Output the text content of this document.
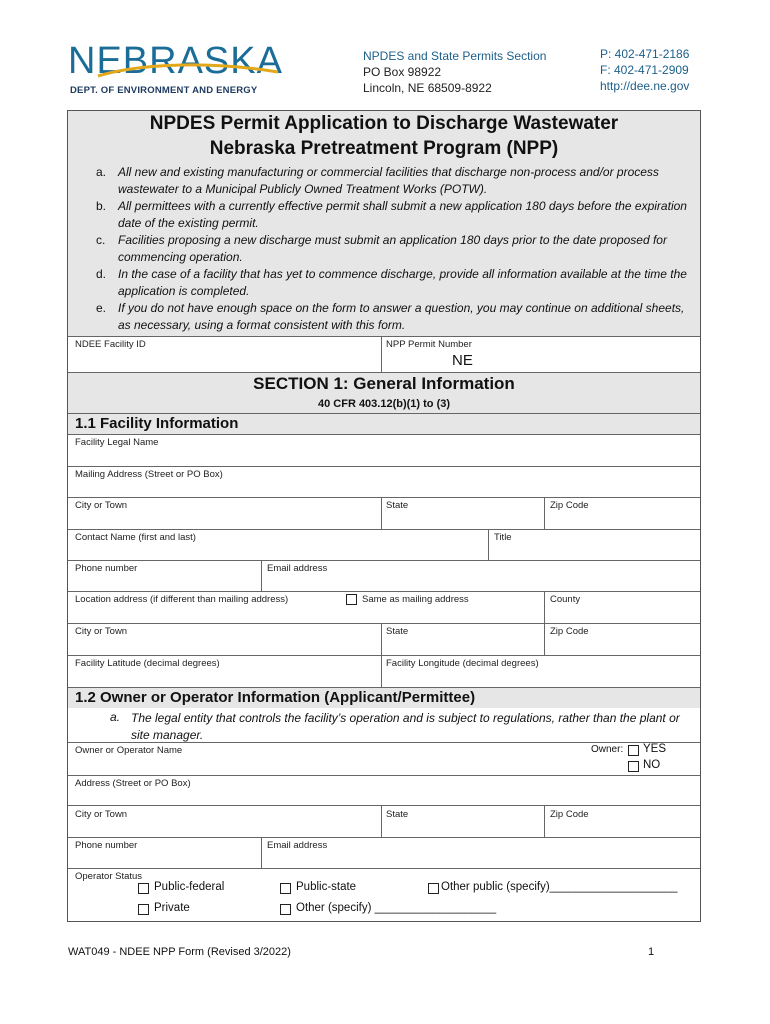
NEBRASKA
DEPT. OF ENVIRONMENT AND ENERGY
NPDES and State Permits Section
PO Box 98922
Lincoln, NE 68509-8922
P: 402-471-2186
F: 402-471-2909
http://dee.ne.gov
NPDES Permit Application to Discharge Wastewater
Nebraska Pretreatment Program (NPP)
a. All new and existing manufacturing or commercial facilities that discharge non-process and/or process wastewater to a Municipal Publicly Owned Treatment Works (POTW).
b. All permittees with a currently effective permit shall submit a new application 180 days before the expiration date of the existing permit.
c. Facilities proposing a new discharge must submit an application 180 days prior to the date proposed for commencing operation.
d. In the case of a facility that has yet to commence discharge, provide all information available at the time the application is completed.
e. If you do not have enough space on the form to answer a question, you may continue on additional sheets, as necessary, using a format consistent with this form.
NDEE Facility ID	NPP Permit Number
NE
SECTION 1: General Information
40 CFR 403.12(b)(1) to (3)
1.1 Facility Information
Facility Legal Name
Mailing Address (Street or PO Box)
City or Town	State	Zip Code
Contact Name (first and last)	Title
Phone number	Email address
Location address (if different than mailing address)	Same as mailing address	County
City or Town	State	Zip Code
Facility Latitude (decimal degrees)	Facility Longitude (decimal degrees)
1.2 Owner or Operator Information (Applicant/Permittee)
a. The legal entity that controls the facility’s operation and is subject to regulations, rather than the plant or site manager.
Owner or Operator Name	Owner: YES
NO
Address (Street or PO Box)
City or Town	State	Zip Code
Phone number	Email address
Operator Status
Public-federal	Public-state	Other public (specify)____________________
Private	Other (specify) ___________________
WAT049 - NDEE NPP Form (Revised 3/2022)	1
